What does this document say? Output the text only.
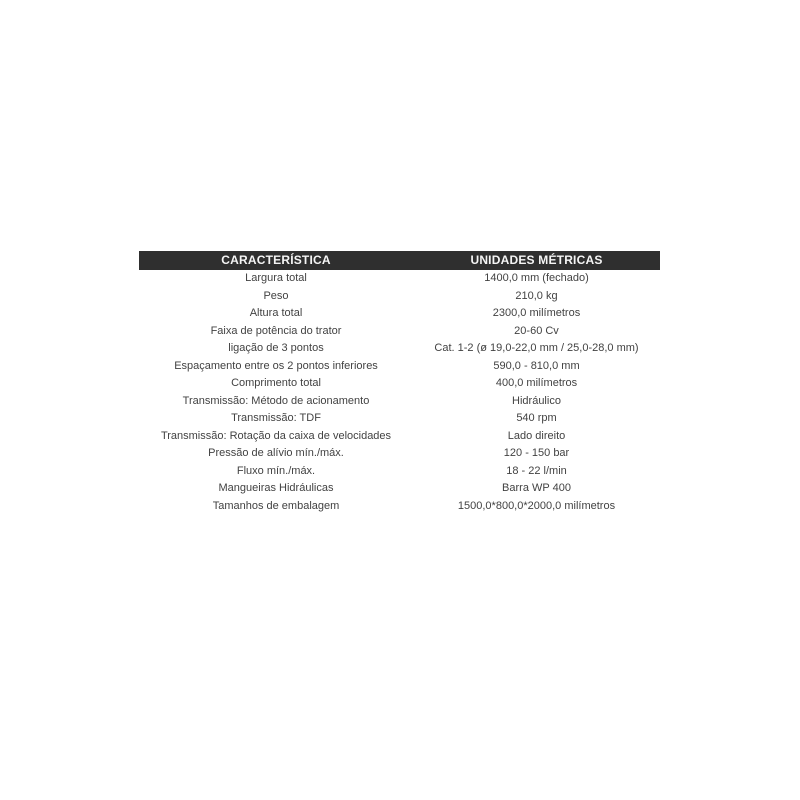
CARACTERÍSTICA	UNIDADES MÉTRICAS
Largura total	1400,0 mm (fechado)
Peso	210,0 kg
Altura total	2300,0 milímetros
Faixa de potência do trator	20-60 Cv
ligação de 3 pontos	Cat. 1-2 (ø 19,0-22,0 mm / 25,0-28,0 mm)
Espaçamento entre os 2 pontos inferiores	590,0 - 810,0 mm
Comprimento total	400,0 milímetros
Transmissão: Método de acionamento	Hidráulico
Transmissão: TDF	540 rpm
Transmissão: Rotação da caixa de velocidades	Lado direito
Pressão de alívio mín./máx.	120 - 150 bar
Fluxo mín./máx.	18 - 22 l/min
Mangueiras Hidráulicas	Barra WP 400
Tamanhos de embalagem	1500,0*800,0*2000,0 milímetros
